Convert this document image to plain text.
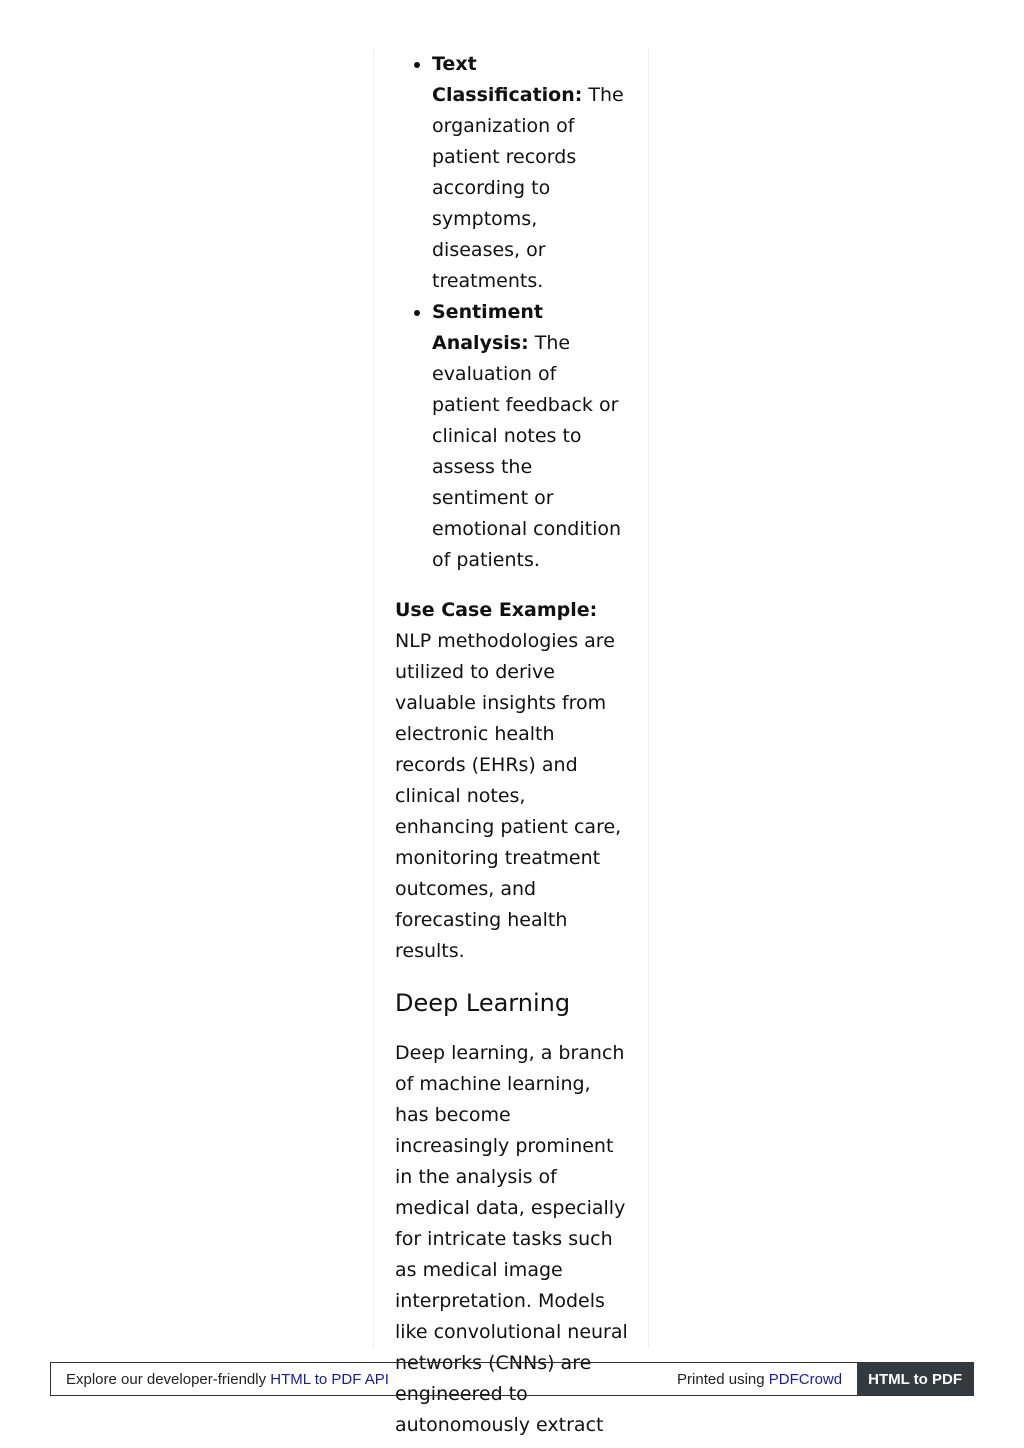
• Text Classification: The organization of patient records according to symptoms, diseases, or treatments.
• Sentiment Analysis: The evaluation of patient feedback or clinical notes to assess the sentiment or emotional condition of patients.

Use Case Example: NLP methodologies are utilized to derive valuable insights from electronic health records (EHRs) and clinical notes, enhancing patient care, monitoring treatment outcomes, and forecasting health results.

Deep Learning

Deep learning, a branch of machine learning, has become increasingly prominent in the analysis of medical data, especially for intricate tasks such as medical image interpretation. Models like convolutional neural networks (CNNs) are engineered to autonomously extract

Explore our developer-friendly HTML to PDF API	Printed using PDFCrowd	HTML to PDF
